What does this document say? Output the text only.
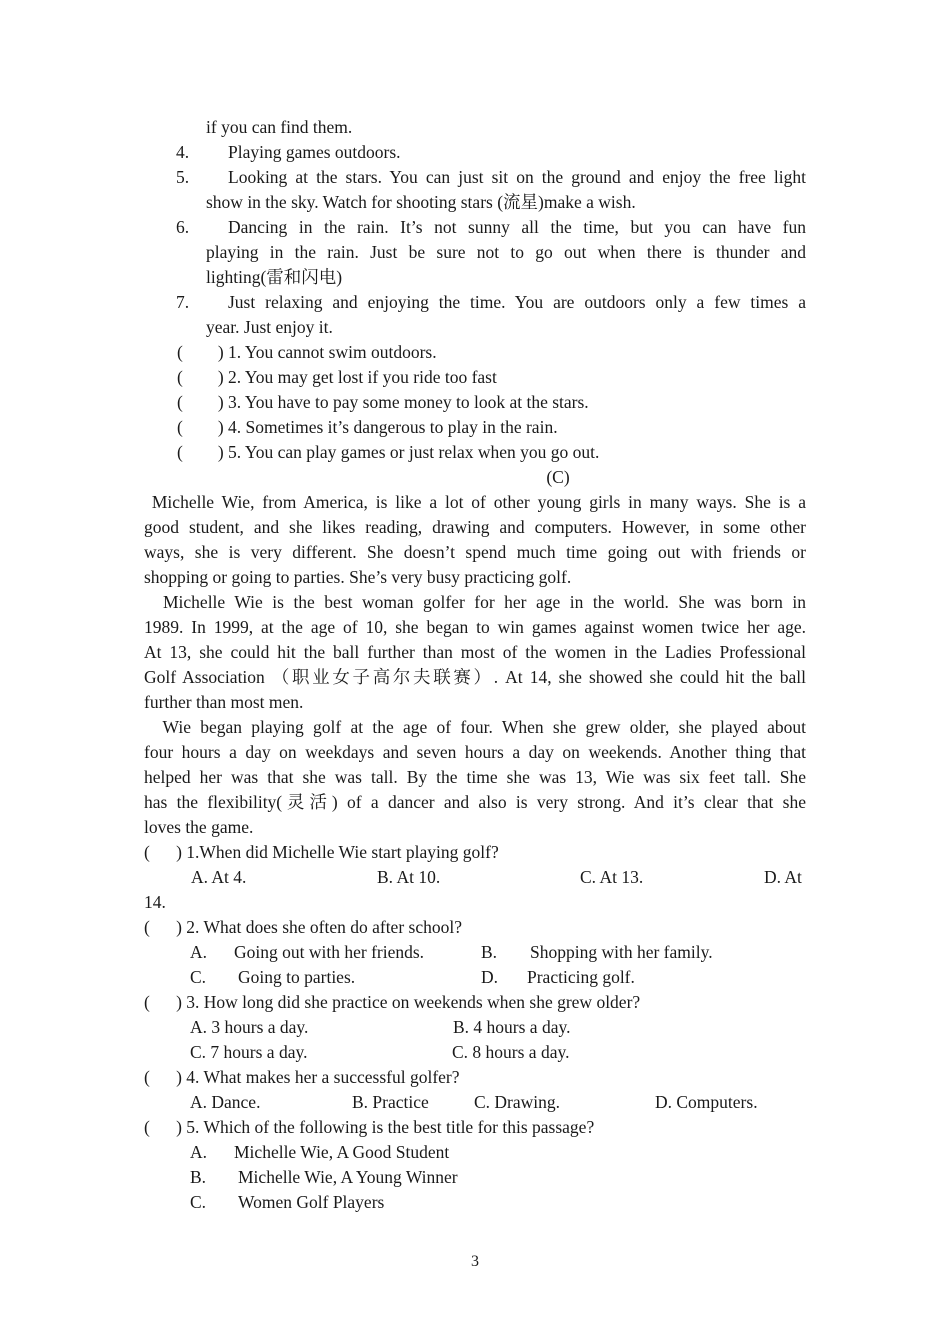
if you can find them.
4.	Playing games outdoors.
5.	Looking at the stars. You can just sit on the ground and enjoy the free light
show in the sky. Watch for shooting stars (流星)make a wish.
6.	Dancing in the rain. It’s not sunny all the time, but you can have fun
playing in the rain. Just be sure not to go out when there is thunder and
lighting(雷和闪电)
7.	Just relaxing and enjoying the time. You are outdoors only a few times a
year. Just enjoy it.
(        ) 1. You cannot swim outdoors.
(        ) 2. You may get lost if you ride too fast
(        ) 3. You have to pay some money to look at the stars.
(        ) 4. Sometimes it’s dangerous to play in the rain.
(        ) 5. You can play games or just relax when you go out.
(C)
Michelle Wie, from America, is like a lot of other young girls in many ways. She is a
good student, and she likes reading, drawing and computers. However, in some other
ways, she is very different. She doesn’t spend much time going out with friends or
shopping or going to parties. She’s very busy practicing golf.
Michelle Wie is the best woman golfer for her age in the world. She was born in
1989. In 1999, at the age of 10, she began to win games against women twice her age.
At 13, she could hit the ball further than most of the women in the Ladies Professional
Golf Association （职业女子高尔夫联赛）. At 14, she showed she could hit the ball
further than most men.
Wie began playing golf at the age of four. When she grew older, she played about
four hours a day on weekdays and seven hours a day on weekends. Another thing that
helped her was that she was tall. By the time she was 13, Wie was six feet tall. She
has the flexibility(灵活) of a dancer and also is very strong. And it’s clear that she
loves the game.
(      ) 1.When did Michelle Wie start playing golf?
A. At 4.	B. At 10.	C. At 13.	D. At
14.
(      ) 2. What does she often do after school?
A. Going out with her friends.	B. Shopping with her family.
C. Going to parties.	D. Practicing golf.
(      ) 3. How long did she practice on weekends when she grew older?
A. 3 hours a day.	B. 4 hours a day.
C. 7 hours a day.	C. 8 hours a day.
(      ) 4. What makes her a successful golfer?
A. Dance.	B. Practice	C. Drawing.	D. Computers.
(      ) 5. Which of the following is the best title for this passage?
A. Michelle Wie, A Good Student
B. Michelle Wie, A Young Winner
C. Women Golf Players
3
